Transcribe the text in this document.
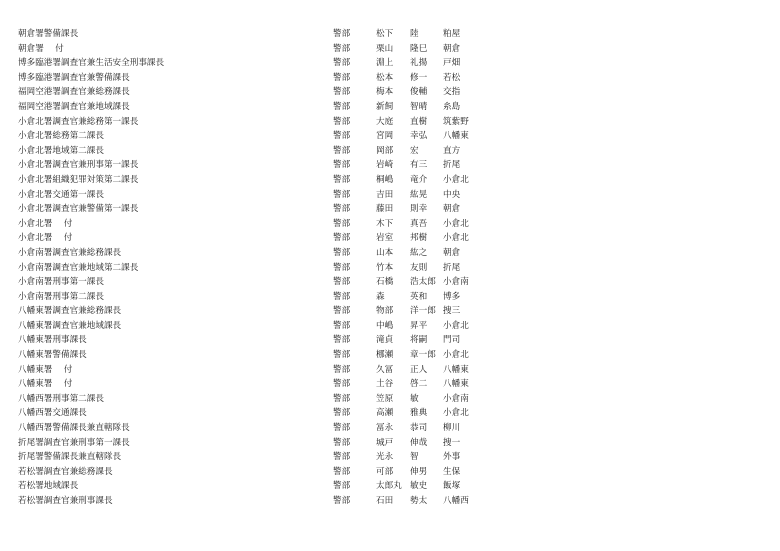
朝倉署警備課長	警部	松下 陸	粕屋
朝倉署　 付	警部	栗山 隆巳 朝倉
博多臨港署調査官兼生活安全刑事課長	警部	淵上 礼揚 戸畑
博多臨港署調査官兼警備課長	警部	松本 修一 若松
福岡空港署調査官兼総務課長	警部	梅本 俊輔 交指
福岡空港署調査官兼地域課長	警部	新飼 智晴 糸島
小倉北署調査官兼総務第一課長	警部	大庭 直樹 筑紫野
小倉北署総務第二課長	警部	宮岡 幸弘 八幡東
小倉北署地域第二課長	警部	岡部 宏	直方
小倉北署調査官兼刑事第一課長	警部	岩崎 有三 折尾
小倉北署組織犯罪対策第二課長	警部	桐嶋 竜介 小倉北
小倉北署交通第一課長	警部	吉田 紘晃 中央
小倉北署調査官兼警備第一課長	警部	藤田 則幸 朝倉
小倉北署　 付	警部	木下 真吾 小倉北
小倉北署　 付	警部	岩室 邦樹 小倉北
小倉南署調査官兼総務課長	警部	山本 紘之 朝倉
小倉南署調査官兼地域第二課長	警部	竹本 友則 折尾
小倉南署刑事第一課長	警部	石橋 浩太郎 小倉南
小倉南署刑事第二課長	警部	森	英和 博多
八幡東署調査官兼総務課長	警部	物部 洋一郎 捜三
八幡東署調査官兼地域課長	警部	中嶋 昇平 小倉北
八幡東署刑事課長	警部	滝貞 将嗣 門司
八幡東署警備課長	警部	梛瀬 章一郎 小倉北
八幡東署　 付	警部	久冨 正人 八幡東
八幡東署　 付	警部	土谷 啓二 八幡東
八幡西署刑事第二課長	警部	笠原 敏	小倉南
八幡西署交通課長	警部	高瀬 雅典 小倉北
八幡西署警備課長兼直轄隊長	警部	冨永 恭司 柳川
折尾署調査官兼刑事第一課長	警部	城戸 伸哉 捜一
折尾署警備課長兼直轄隊長	警部	光永 智	外事
若松署調査官兼総務課長	警部	可部 伸男 生保
若松署地域課長	警部	太郎丸 敏史 飯塚
若松署調査官兼刑事課長	警部	石田 勢太 八幡西
